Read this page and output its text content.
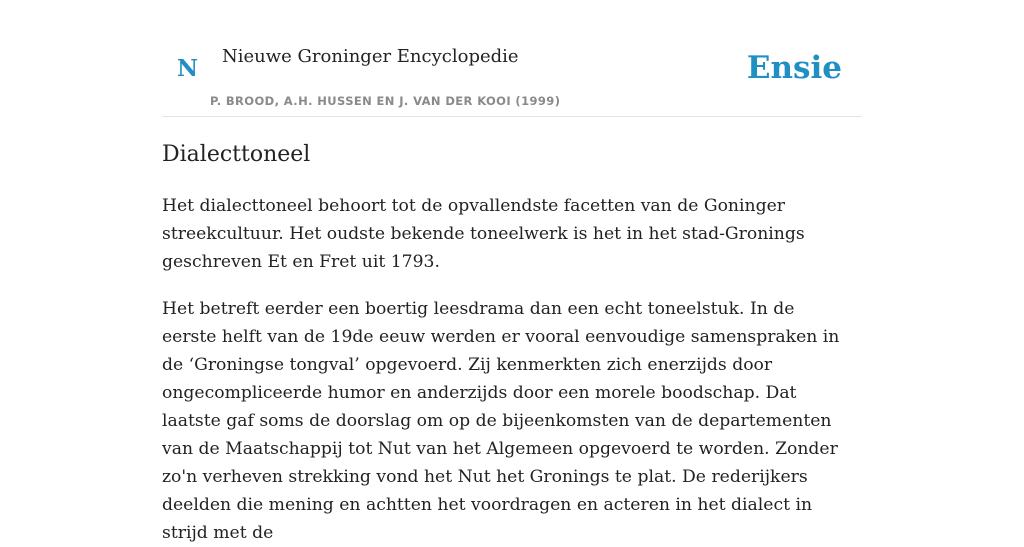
N Nieuwe Groninger Encyclopedie
P. BROOD, A.H. HUSSEN EN J. VAN DER KOOI (1999)
Ensie
Dialecttoneel

Het dialecttoneel behoort tot de opvallendste facetten van de Goninger streekcultuur. Het oudste bekende toneelwerk is het in het stad-Gronings geschreven Et en Fret uit 1793.

Het betreft eerder een boertig leesdrama dan een echt toneelstuk. In de eerste helft van de 19de eeuw werden er vooral eenvoudige samenspraken in de ‘Groningse tongval’ opgevoerd. Zij kenmerkten zich enerzijds door ongecompliceerde humor en anderzijds door een morele boodschap. Dat laatste gaf soms de doorslag om op de bijeenkomsten van de departementen van de Maatschappij tot Nut van het Algemeen opgevoerd te worden. Zonder zo'n verheven strekking vond het Nut het Gronings te plat. De rederijkers deelden die mening en achtten het voordragen en acteren in het dialect in strijd met de
